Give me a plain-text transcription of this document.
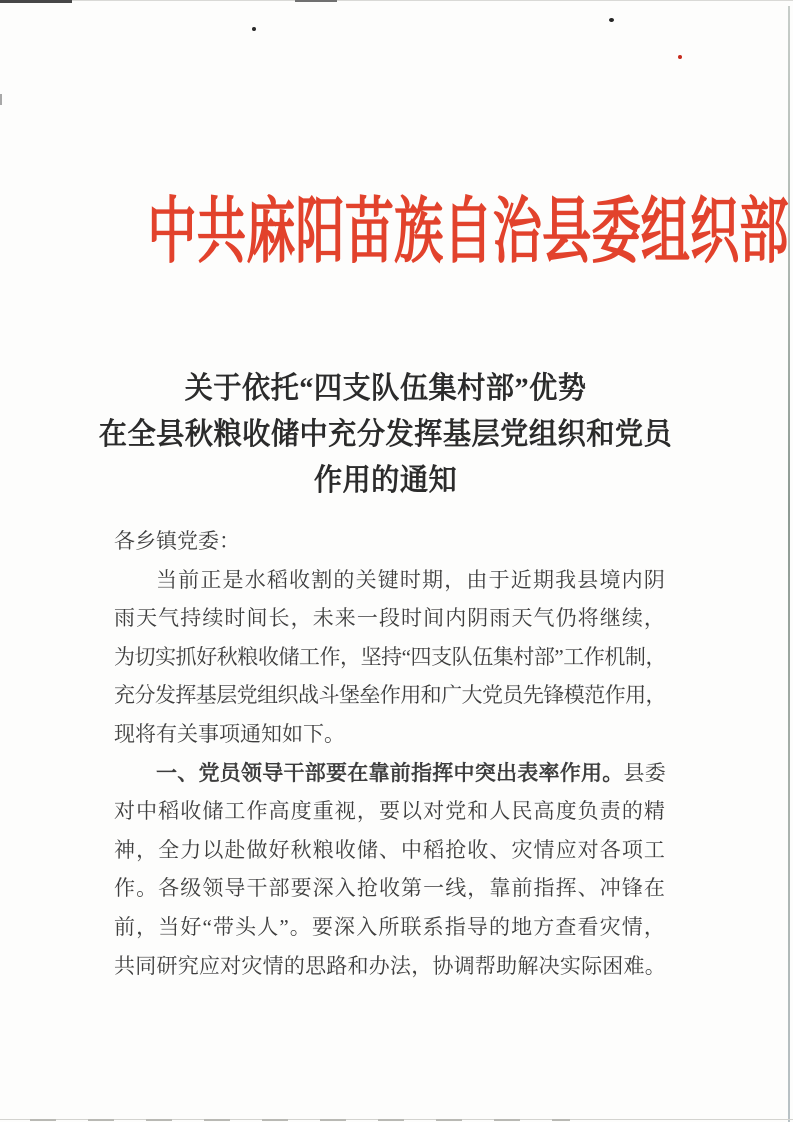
中共麻阳苗族自治县委组织部
关于依托“四支队伍集村部”优势
在全县秋粮收储中充分发挥基层党组织和党员
作用的通知
各乡镇党委：
当前正是水稻收割的关键时期，由于近期我县境内阴
雨天气持续时间长，未来一段时间内阴雨天气仍将继续，
为切实抓好秋粮收储工作，坚持“四支队伍集村部”工作机制，
充分发挥基层党组织战斗堡垒作用和广大党员先锋模范作用，
现将有关事项通知如下。
一、党员领导干部要在靠前指挥中突出表率作用。县委
对中稻收储工作高度重视，要以对党和人民高度负责的精
神，全力以赴做好秋粮收储、中稻抢收、灾情应对各项工
作。各级领导干部要深入抢收第一线，靠前指挥、冲锋在
前，当好“带头人”。要深入所联系指导的地方查看灾情，
共同研究应对灾情的思路和办法，协调帮助解决实际困难。
